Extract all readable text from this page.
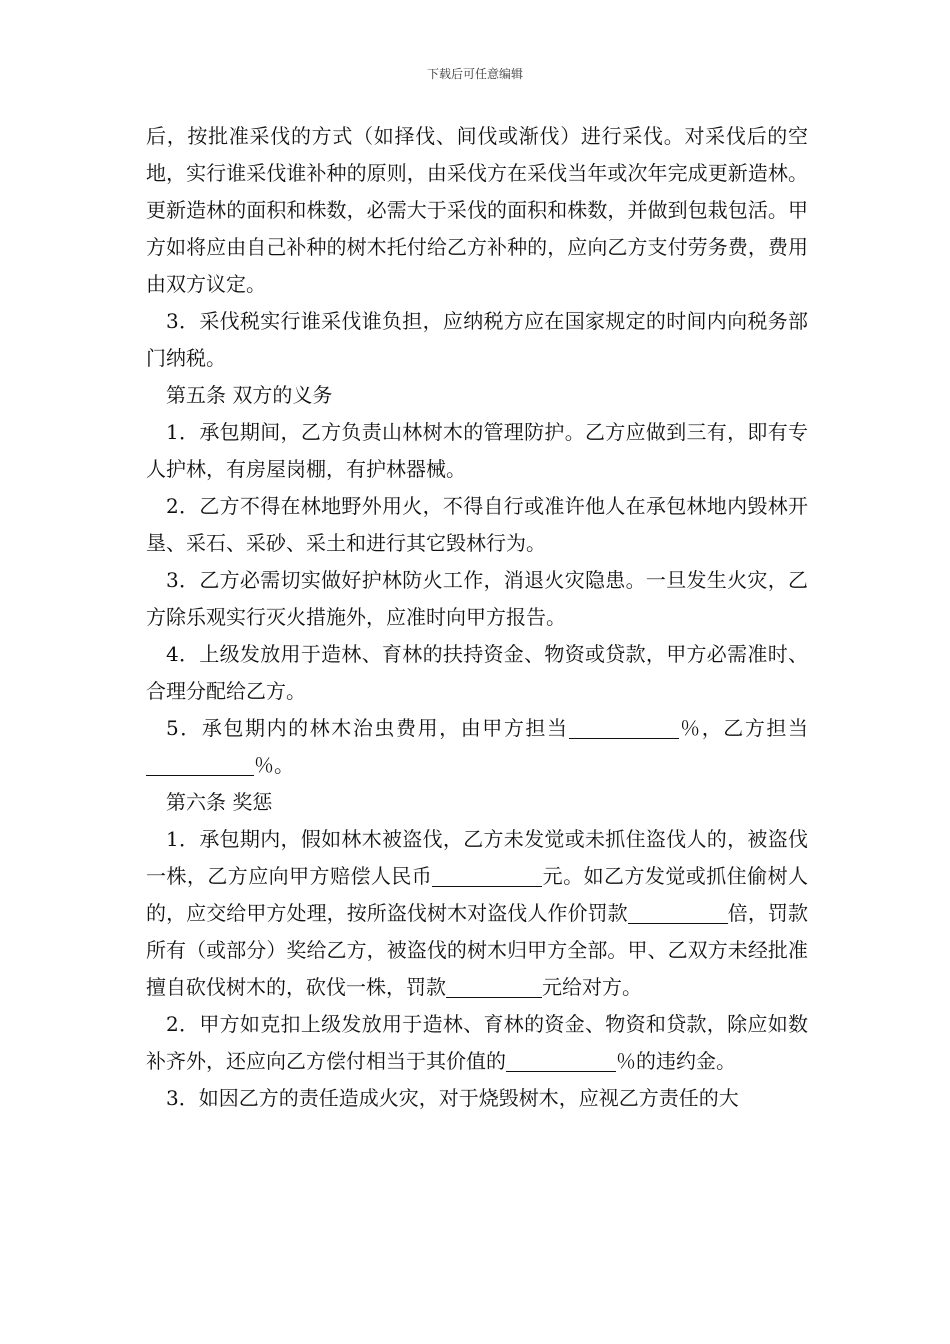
下载后可任意编辑

后，按批准采伐的方式（如择伐、间伐或渐伐）进行采伐。对采伐后的空地，实行谁采伐谁补种的原则，由采伐方在采伐当年或次年完成更新造林。更新造林的面积和株数，必需大于采伐的面积和株数，并做到包栽包活。甲方如将应由自己补种的树木托付给乙方补种的，应向乙方支付劳务费，费用由双方议定。

3．采伐税实行谁采伐谁负担，应纳税方应在国家规定的时间内向税务部门纳税。

第五条 双方的义务

1．承包期间，乙方负责山林树木的管理防护。乙方应做到三有，即有专人护林，有房屋岗棚，有护林器械。

2．乙方不得在林地野外用火，不得自行或准许他人在承包林地内毁林开垦、采石、采砂、采土和进行其它毁林行为。

3．乙方必需切实做好护林防火工作，消退火灾隐患。一旦发生火灾，乙方除乐观实行灭火措施外，应准时向甲方报告。

4．上级发放用于造林、育林的扶持资金、物资或贷款，甲方必需准时、合理分配给乙方。

5．承包期内的林木治虫费用，由甲方担当	％，乙方担当％。

第六条 奖惩

1．承包期内，假如林木被盗伐，乙方未发觉或未抓住盗伐人的，被盗伐一株，乙方应向甲方赔偿人民币	元。如乙方发觉或抓住偷树人的，应交给甲方处理，按所盗伐树木对盗伐人作价罚款	倍，罚款所有（或部分）奖给乙方，被盗伐的树木归甲方全部。甲、乙双方未经批准擅自砍伐树木的，砍伐一株，罚款	元给对方。

2．甲方如克扣上级发放用于造林、育林的资金、物资和贷款，除应如数补齐外，还应向乙方偿付相当于其价值的	％的违约金。

3．如因乙方的责任造成火灾，对于烧毁树木，应视乙方责任的大
